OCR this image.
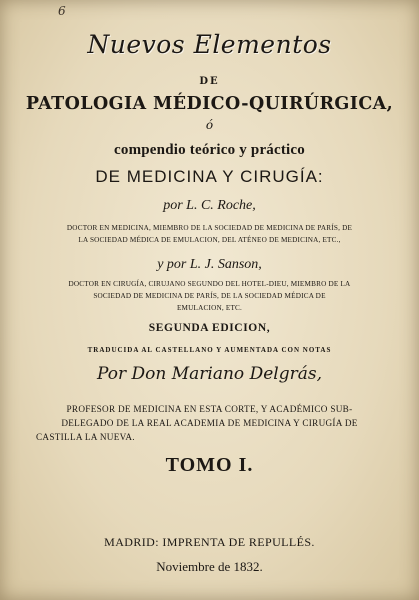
6

Nuevos Elementos

DE

PATOLOGIA MÉDICO-QUIRÚRGICA,

ó

compendio teórico y práctico

DE MEDICINA Y CIRUGÍA:

por L. C. Roche,

DOCTOR EN MEDICINA, MIEMBRO DE LA SOCIEDAD DE MEDICINA DE PARÍS, DE

LA SOCIEDAD MÉDICA DE EMULACION, DEL ATÉNEO DE MEDICINA, ETC.,

y por L. J. Sanson,

DOCTOR EN CIRUGÍA, CIRUJANO SEGUNDO DEL HOTEL-DIEU, MIEMBRO DE LA

SOCIEDAD DE MEDICINA DE PARÍS, DE LA SOCIEDAD MÉDICA DE

EMULACION, ETC.

SEGUNDA EDICION,

TRADUCIDA AL CASTELLANO Y AUMENTADA CON NOTAS

Por Don Mariano Delgrás,

PROFESOR DE MEDICINA EN ESTA CORTE, Y ACADÉMICO SUB-

DELEGADO DE LA REAL ACADEMIA DE MEDICINA Y CIRUGÍA DE

CASTILLA LA NUEVA.

TOMO I.

MADRID: IMPRENTA DE REPULLÉS.

Noviembre de 1832.
